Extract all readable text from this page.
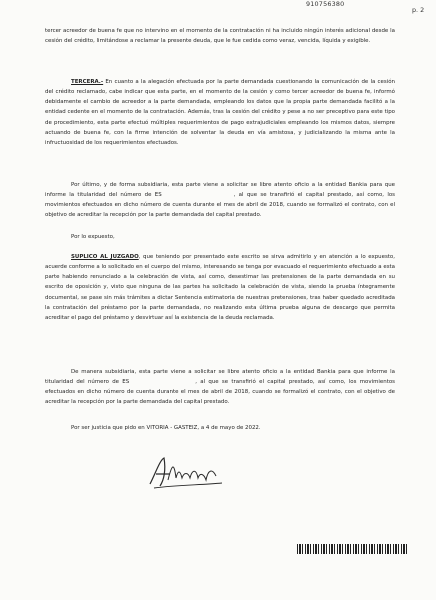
910756380
p. 2

tercer acreedor de buena fe que no intervino en el momento de la contratación ni ha incluido ningún interés adicional desde la cesión del crédito, limitándose a reclamar la presente deuda, que le fue cedida como veraz, vencida, líquida y exigible.

TERCERA.- En cuanto a la alegación efectuada por la parte demandada cuestionando la comunicación de la cesión del crédito reclamado, cabe indicar que esta parte, en el momento de la cesión y como tercer acreedor de buena fe, informó debidamente el cambio de acreedor a la parte demandada, empleando los datos que la propia parte demandada facilitó a la entidad cedente en el momento de la contratación. Además, tras la cesión del crédito y pese a no ser preceptivo para este tipo de procedimiento, esta parte efectuó múltiples requerimientos de pago extrajudiciales empleando los mismos datos, siempre actuando de buena fe, con la firme intención de solventar la deuda en vía amistosa, y judicializando la misma ante la infructuosidad de los requerimientos efectuados.

Por último, y de forma subsidiaria, esta parte viene a solicitar se libre atento oficio a la entidad Bankia para que informe la titularidad del número de ES	, al que se transfirió el capital prestado, así como, los movimientos efectuados en dicho número de cuenta durante el mes de abril de 2018, cuando se formalizó el contrato, con el objetivo de acreditar la recepción por la parte demandada del capital prestado.

Por lo expuesto,

SUPLICO AL JUZGADO, que teniendo por presentado este escrito se sirva admitirlo y en atención a lo expuesto, acuerde conforme a lo solicitado en el cuerpo del mismo, interesando se tenga por evacuado el requerimiento efectuado a esta parte habiendo renunciado a la celebración de vista, así como, desestimar las pretensiones de la parte demandada en su escrito de oposición y, visto que ninguna de las partes ha solicitado la celebración de vista, siendo la prueba íntegramente documental, se pase sin más trámites a dictar Sentencia estimatoria de nuestras pretensiones, tras haber quedado acreditada la contratación del préstamo por la parte demandada, no realizando esta última prueba alguna de descargo que permita acreditar el pago del préstamo y desvirtuar así la existencia de la deuda reclamada.

De manera subsidiaria, esta parte viene a solicitar se libre atento oficio a la entidad Bankia para que informe la titularidad del número de ES	, al que se transfirió el capital prestado, así como, los movimientos efectuados en dicho número de cuenta durante el mes de abril de 2018, cuando se formalizó el contrato, con el objetivo de acreditar la recepción por la parte demandada del capital prestado.

Por ser justicia que pido en VITORIA - GASTEIZ, a 4 de mayo de 2022.
